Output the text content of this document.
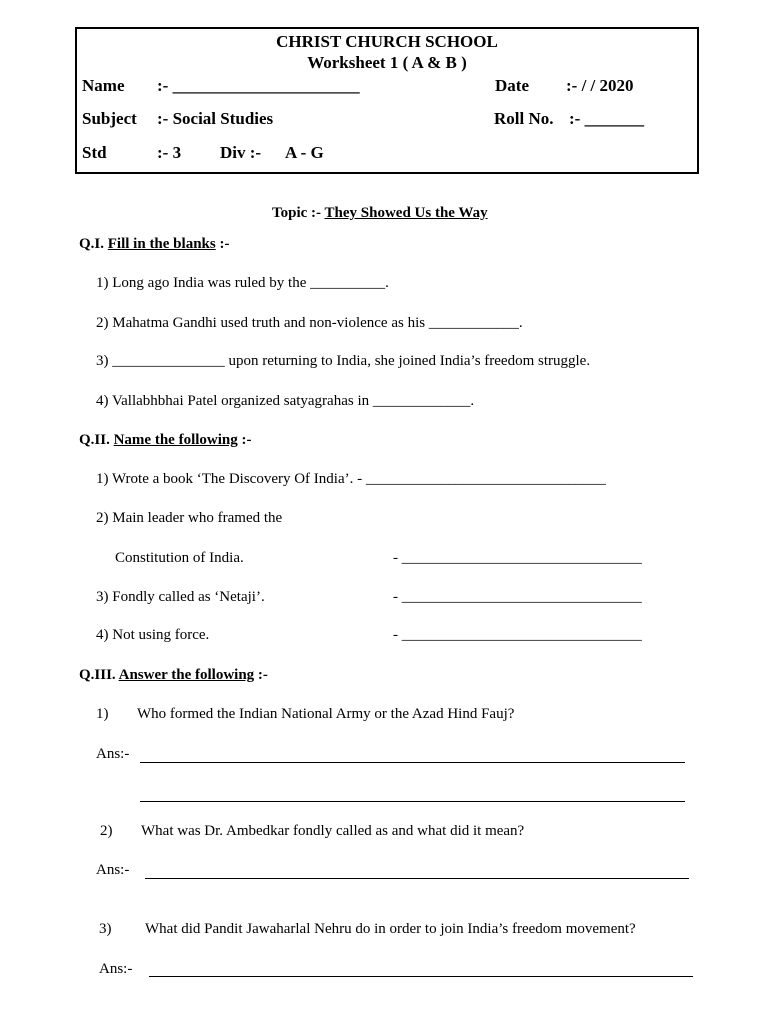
CHRIST CHURCH SCHOOL
Worksheet 1 ( A & B )
Name :- ______________________	Date :- / / 2020
Subject :- Social Studies	Roll No. :- _______
Std	:- 3 Div :- A - G
Topic :- They Showed Us the Way
Q.I. Fill in the blanks :-
1) Long ago India was ruled by the __________.
2) Mahatma Gandhi used truth and non-violence as his ____________.
3) _______________ upon returning to India, she joined India’s freedom struggle.
4) Vallabhbhai Patel organized satyagrahas in _____________.
Q.II. Name the following :-
1) Wrote a book ‘The Discovery Of India’. - ________________________________
2) Main leader who framed the
Constitution of India.	- ________________________________
3) Fondly called as ‘Netaji’.	- ________________________________
4) Not using force.	- ________________________________
Q.III. Answer the following :-
1) Who formed the Indian National Army or the Azad Hind Fauj?
Ans:-
2) What was Dr. Ambedkar fondly called as and what did it mean?
Ans:-
3) What did Pandit Jawaharlal Nehru do in order to join India’s freedom movement?
Ans:-
